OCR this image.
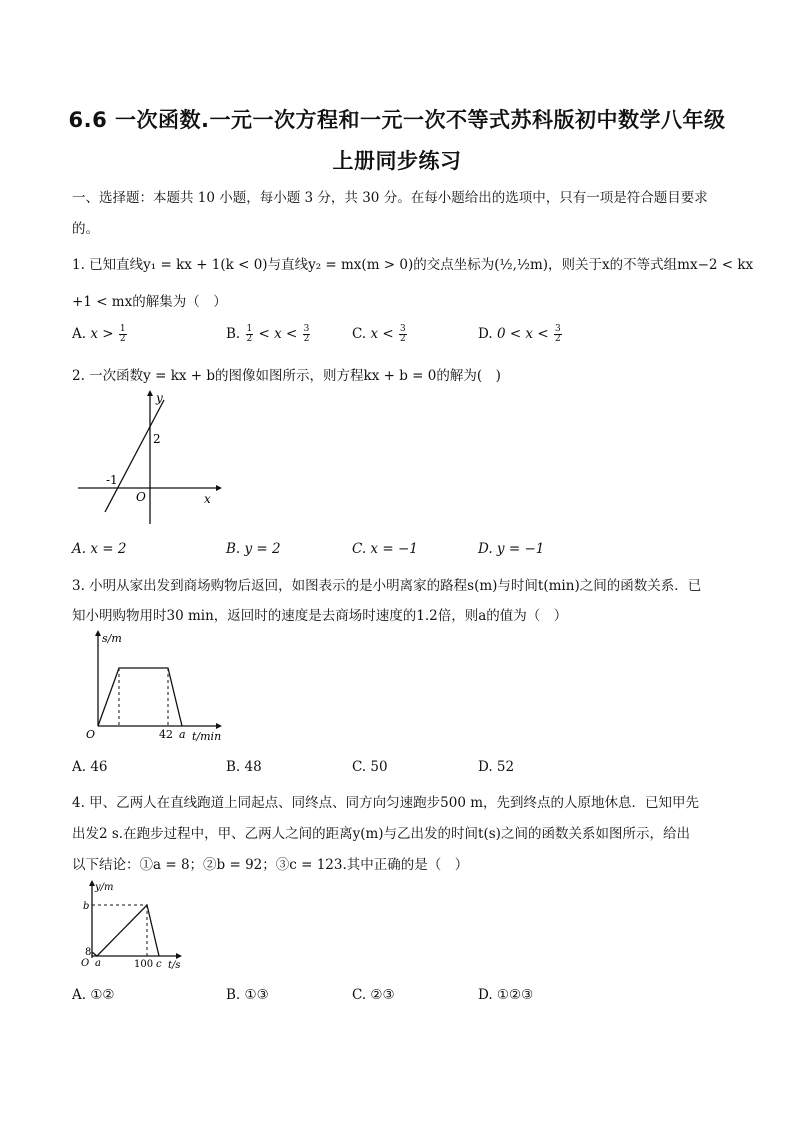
6.6 一次函数.一元一次方程和一元一次不等式苏科版初中数学八年级
上册同步练习
一、选择题：本题共 10 小题，每小题 3 分，共 30 分。在每小题给出的选项中，只有一项是符合题目要求
的。
1. 已知直线y₁ = kx + 1(k < 0)与直线y₂ = mx(m > 0)的交点坐标为(½,½m)，则关于x的不等式组mx−2 < kx
+1 < mx的解集为（　）
A. $x > \frac{1}{2}$	B. $\frac{1}{2} < x < \frac{3}{2}$	C. $x < \frac{3}{2}$	D. $0 < x < \frac{3}{2}$
2. 一次函数y = kx + b的图像如图所示，则方程kx + b = 0的解为(　)
y
x
O
2
-1
A. x = 2	B. y = 2	C. x = −1	D. y = −1
3. 小明从家出发到商场购物后返回，如图表示的是小明离家的路程s(m)与时间t(min)之间的函数关系．已
知小明购物用时30 min，返回时的速度是去商场时速度的1.2倍，则a的值为（　）
s/m
t/min
O	42 a
A. 46	B. 48	C. 50	D. 52
4. 甲、乙两人在直线跑道上同起点、同终点、同方向匀速跑步500 m，先到终点的人原地休息．已知甲先
出发2 s.在跑步过程中，甲、乙两人之间的距离y(m)与乙出发的时间t(s)之间的函数关系如图所示，给出
以下结论：①a = 8；②b = 92；③c = 123.其中正确的是（　）
y/m
t/s
O
b
8
a	100 c
A. ①②	B. ①③	C. ②③	D. ①②③
